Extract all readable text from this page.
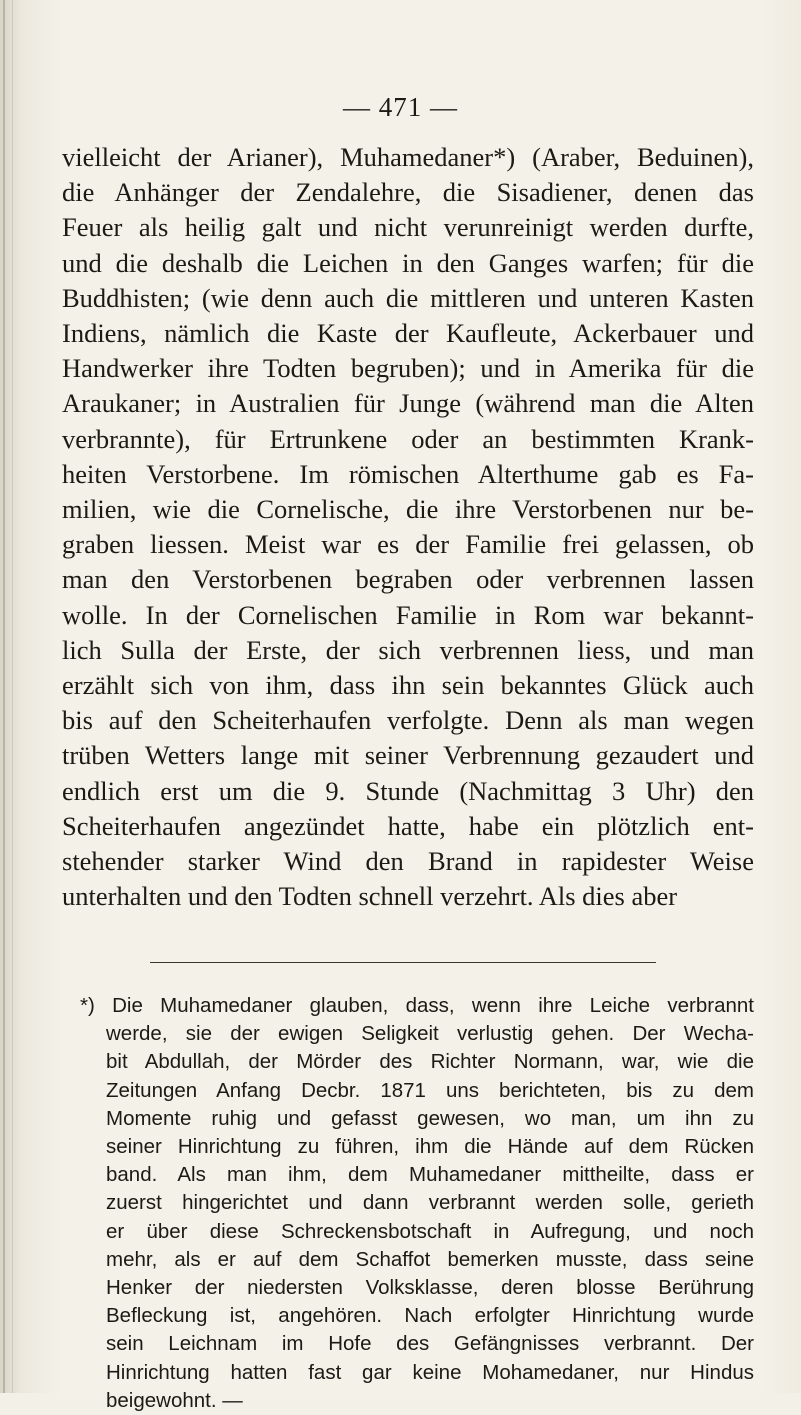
— 471 —
vielleicht der Arianer), Muhamedaner*) (Araber, Beduinen),
die Anhänger der Zendalehre, die Sisadiener, denen das
Feuer als heilig galt und nicht verunreinigt werden durfte,
und die deshalb die Leichen in den Ganges warfen; für die
Buddhisten; (wie denn auch die mittleren und unteren Kasten
Indiens, nämlich die Kaste der Kaufleute, Ackerbauer und
Handwerker ihre Todten begruben); und in Amerika für die
Araukaner; in Australien für Junge (während man die Alten
verbrannte), für Ertrunkene oder an bestimmten Krank-
heiten Verstorbene. Im römischen Alterthume gab es Fa-
milien, wie die Cornelische, die ihre Verstorbenen nur be-
graben liessen. Meist war es der Familie frei gelassen, ob
man den Verstorbenen begraben oder verbrennen lassen
wolle. In der Cornelischen Familie in Rom war bekannt-
lich Sulla der Erste, der sich verbrennen liess, und man
erzählt sich von ihm, dass ihn sein bekanntes Glück auch
bis auf den Scheiterhaufen verfolgte. Denn als man wegen
trüben Wetters lange mit seiner Verbrennung gezaudert und
endlich erst um die 9. Stunde (Nachmittag 3 Uhr) den
Scheiterhaufen angezündet hatte, habe ein plötzlich ent-
stehender starker Wind den Brand in rapidester Weise
unterhalten und den Todten schnell verzehrt. Als dies aber
*) Die Muhamedaner glauben, dass, wenn ihre Leiche verbrannt
werde, sie der ewigen Seligkeit verlustig gehen. Der Wecha-
bit Abdullah, der Mörder des Richter Normann, war, wie die
Zeitungen Anfang Decbr. 1871 uns berichteten, bis zu dem
Momente ruhig und gefasst gewesen, wo man, um ihn zu
seiner Hinrichtung zu führen, ihm die Hände auf dem Rücken
band. Als man ihm, dem Muhamedaner mittheilte, dass er
zuerst hingerichtet und dann verbrannt werden solle, gerieth
er über diese Schreckensbotschaft in Aufregung, und noch
mehr, als er auf dem Schaffot bemerken musste, dass seine
Henker der niedersten Volksklasse, deren blosse Berührung
Befleckung ist, angehören. Nach erfolgter Hinrichtung wurde
sein Leichnam im Hofe des Gefängnisses verbrannt. Der
Hinrichtung hatten fast gar keine Mohamedaner, nur Hindus
beigewohnt. —
